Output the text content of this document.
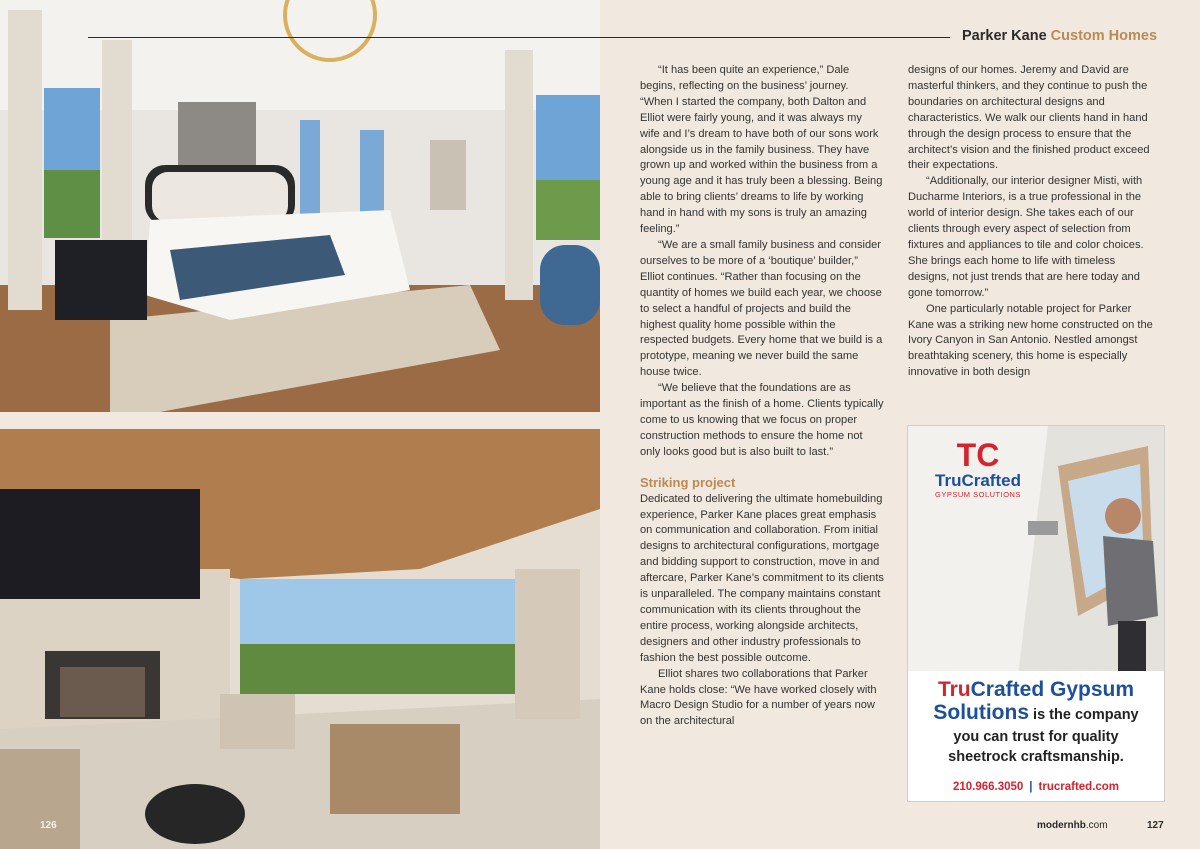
Parker Kane Custom Homes

“It has been quite an experience,” Dale begins, reflecting on the business’ journey. “When I started the company, both Dalton and Elliot were fairly young, and it was always my wife and I’s dream to have both of our sons work alongside us in the family business. They have grown up and worked within the business from a young age and it has truly been a blessing. Being able to bring clients’ dreams to life by working hand in hand with my sons is truly an amazing feeling.”

“We are a small family business and consider ourselves to be more of a ‘boutique’ builder,” Elliot continues. “Rather than focusing on the quantity of homes we build each year, we choose to select a handful of projects and build the highest quality home possible within the respected budgets. Every home that we build is a prototype, meaning we never build the same house twice.

“We believe that the foundations are as important as the finish of a home. Clients typically come to us knowing that we focus on proper construction methods to ensure the home not only looks good but is also built to last.”

Striking project

Dedicated to delivering the ultimate homebuilding experience, Parker Kane places great emphasis on communication and collaboration. From initial designs to architectural configurations, mortgage and bidding support to construction, move in and aftercare, Parker Kane’s commitment to its clients is unparalleled. The company maintains constant communication with its clients throughout the entire process, working alongside architects, designers and other industry professionals to fashion the best possible outcome.

Elliot shares two collaborations that Parker Kane holds close: “We have worked closely with Macro Design Studio for a number of years now on the architectural

designs of our homes. Jeremy and David are masterful thinkers, and they continue to push the boundaries on architectural designs and characteristics. We walk our clients hand in hand through the design process to ensure that the architect’s vision and the finished product exceed their expectations.

“Additionally, our interior designer Misti, with Ducharme Interiors, is a true professional in the world of interior design. She takes each of our clients through every aspect of selection from fixtures and appliances to tile and color choices. She brings each home to life with timeless designs, not just trends that are here today and gone tomorrow.”

One particularly notable project for Parker Kane was a striking new home constructed on the Ivory Canyon in San Antonio. Nestled amongst breathtaking scenery, this home is especially innovative in both design

TC
TruCrafted
GYPSUM SOLUTIONS
TruCrafted Gypsum
Solutions is the company
you can trust for quality
sheetrock craftsmanship.
210.966.3050 | trucrafted.com
126	modernhb.com	127
